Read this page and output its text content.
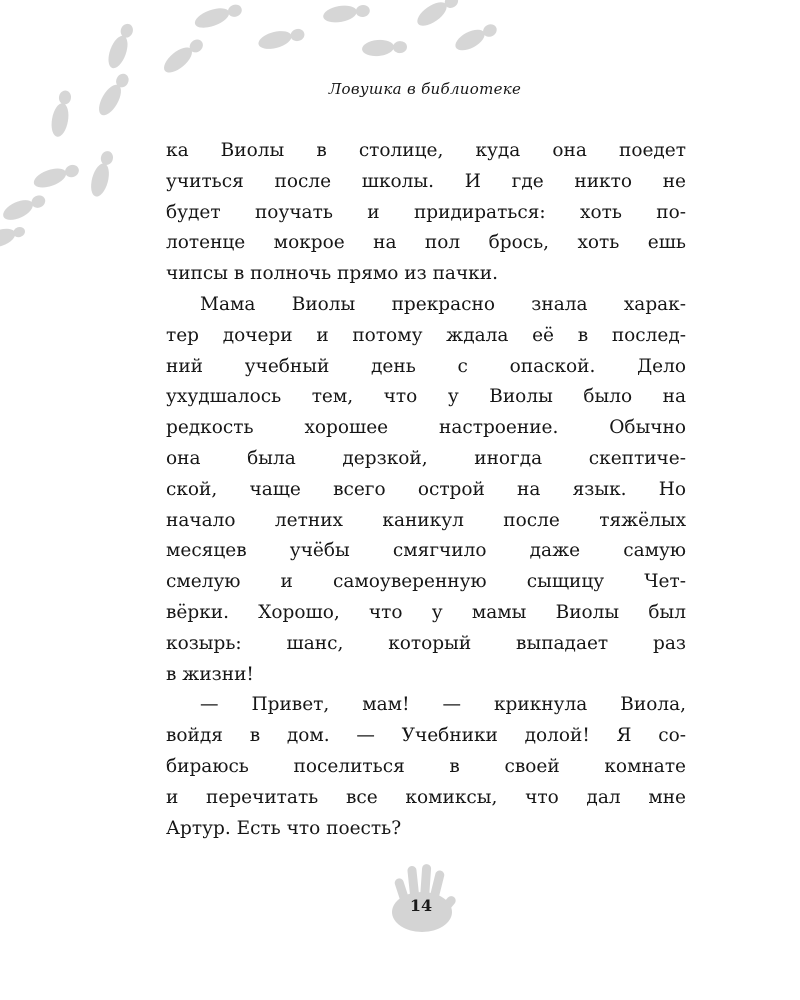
Ловушка в библиотеке
ка Виолы в столице, куда она поедет
учиться после школы. И где никто не
будет поучать и придираться: хоть по-
лотенце мокрое на пол брось, хоть ешь
чипсы в полночь прямо из пачки.
Мама Виолы прекрасно знала харак-
тер дочери и потому ждала её в послед-
ний учебный день с опаской. Дело
ухудшалось тем, что у Виолы было на
редкость хорошее настроение. Обычно
она была дерзкой, иногда скептиче-
ской, чаще всего острой на язык. Но
начало летних каникул после тяжёлых
месяцев учёбы смягчило даже самую
смелую и самоуверенную сыщицу Чет-
вёрки. Хорошо, что у мамы Виолы был
козырь: шанс, который выпадает раз
в жизни!
— Привет, мам! — крикнула Виола,
войдя в дом. — Учебники долой! Я со-
бираюсь поселиться в своей комнате
и перечитать все комиксы, что дал мне
Артур. Есть что поесть?
14
